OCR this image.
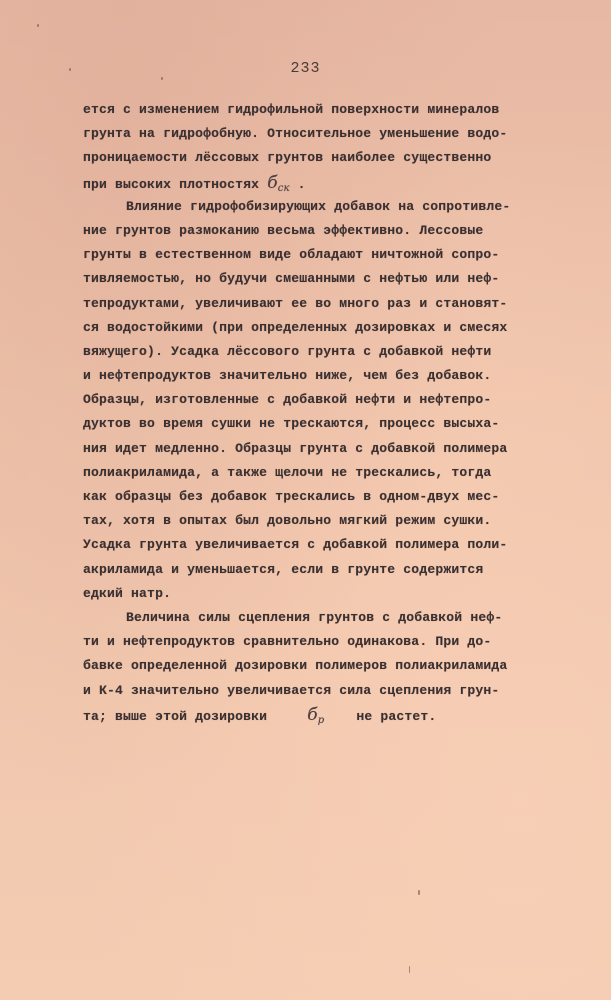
233
ется с изменением гидрофильной поверхности минералов
грунта на гидрофобную. Относительное уменьшение водо-
проницаемости лёссовых грунтов наиболее существенно
при высоких плотностях $б_{ск}$ .
Влияние гидрофобизирующих добавок на сопротивле-
ние грунтов размоканию весьма эффективно. Лессовые
грунты в естественном виде обладают ничтожной сопро-
тивляемостью, но будучи смешанными с нефтью или неф-
тепродуктами, увеличивают ее во много раз и становят-
ся водостойкими (при определенных дозировках и смесях
вяжущего). Усадка лёссового грунта с добавкой нефти
и нефтепродуктов значительно ниже, чем без добавок.
Образцы, изготовленные с добавкой нефти и нефтепро-
дуктов во время сушки не трескаются, процесс высыха-
ния идет медленно. Образцы грунта с добавкой полимера
полиакриламида, а также щелочи не трескались, тогда
как образцы без добавок трескались в одном-двух мес-
тах, хотя в опытах был довольно мягкий режим сушки.
Усадка грунта увеличивается с добавкой полимера поли-
акриламида и уменьшается, если в грунте содержится
едкий натр.
Величина силы сцепления грунтов с добавкой неф-
ти и нефтепродуктов сравнительно одинакова. При до-
бавке определенной дозировки полимеров полиакриламида
и К-4 значительно увеличивается сила сцепления грун-
та; выше этой дозировки     $б_р$    не растет.
